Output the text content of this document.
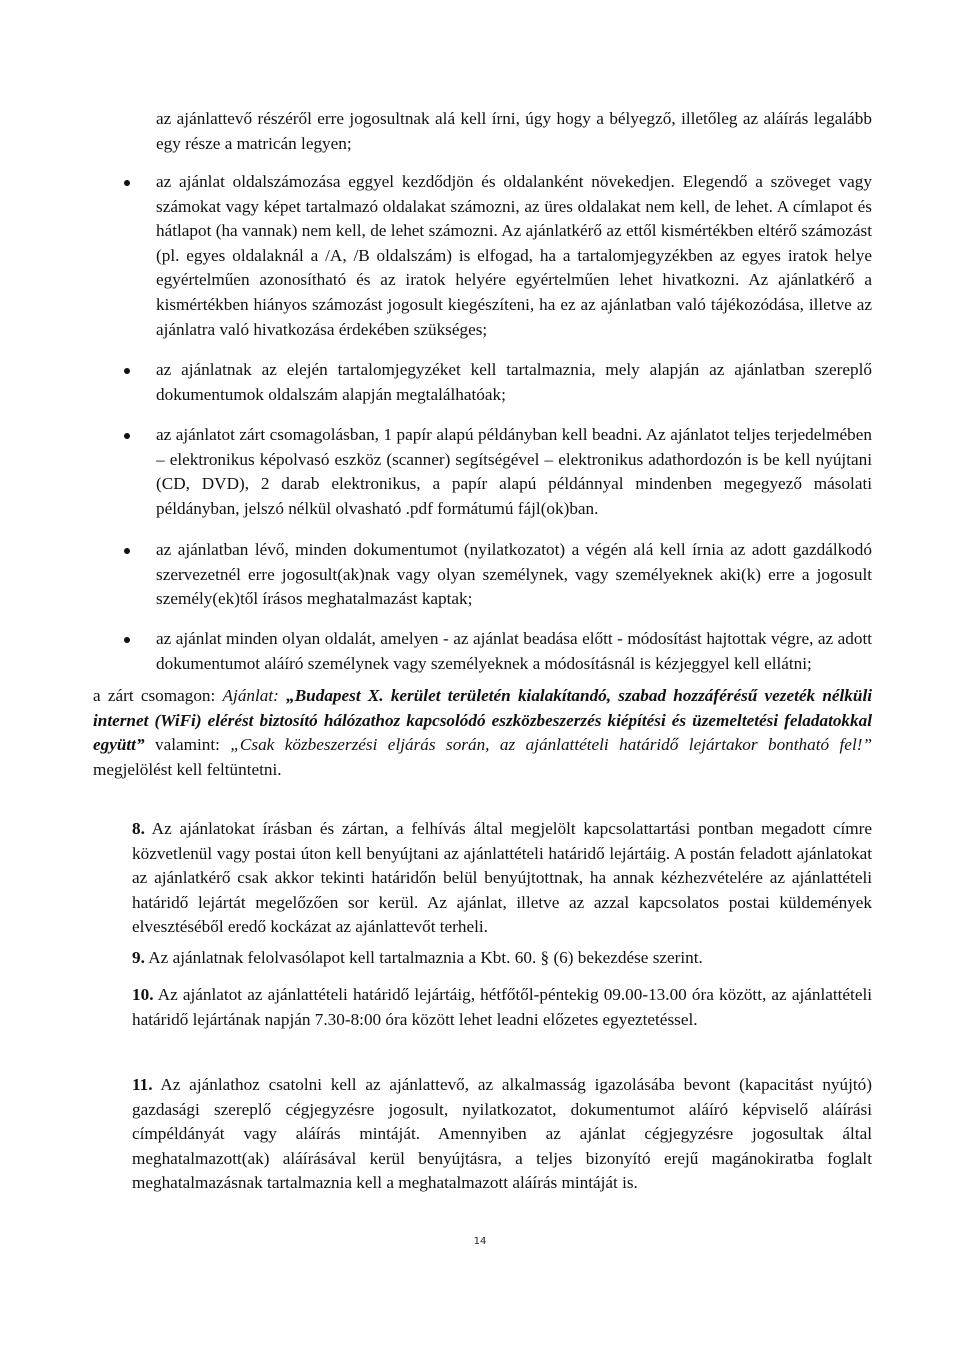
az ajánlattevő részéről erre jogosultnak alá kell írni, úgy hogy a bélyegző, illetőleg az aláírás legalább egy része a matricán legyen;

az ajánlat oldalszámozása eggyel kezdődjön és oldalanként növekedjen. Elegendő a szöveget vagy számokat vagy képet tartalmazó oldalakat számozni, az üres oldalakat nem kell, de lehet. A címlapot és hátlapot (ha vannak) nem kell, de lehet számozni. Az ajánlatkérő az ettől kismértékben eltérő számozást (pl. egyes oldalaknál a /A, /B oldalszám) is elfogad, ha a tartalomjegyzékben az egyes iratok helye egyértelműen azonosítható és az iratok helyére egyértelműen lehet hivatkozni. Az ajánlatkérő a kismértékben hiányos számozást jogosult kiegészíteni, ha ez az ajánlatban való tájékozódása, illetve az ajánlatra való hivatkozása érdekében szükséges;

az ajánlatnak az elején tartalomjegyzéket kell tartalmaznia, mely alapján az ajánlatban szereplő dokumentumok oldalszám alapján megtalálhatóak;

az ajánlatot zárt csomagolásban, 1 papír alapú példányban kell beadni. Az ajánlatot teljes terjedelmében – elektronikus képolvasó eszköz (scanner) segítségével – elektronikus adathordozón is be kell nyújtani (CD, DVD), 2 darab elektronikus, a papír alapú példánnyal mindenben megegyező másolati példányban, jelszó nélkül olvasható .pdf formátumú fájl(ok)ban.

az ajánlatban lévő, minden dokumentumot (nyilatkozatot) a végén alá kell írnia az adott gazdálkodó szervezetnél erre jogosult(ak)nak vagy olyan személynek, vagy személyeknek aki(k) erre a jogosult személy(ek)től írásos meghatalmazást kaptak;

az ajánlat minden olyan oldalát, amelyen - az ajánlat beadása előtt - módosítást hajtottak végre, az adott dokumentumot aláíró személynek vagy személyeknek a módosításnál is kézjeggyel kell ellátni;

a zárt csomagon: Ajánlat: „Budapest X. kerület területén kialakítandó, szabad hozzáférésű vezeték nélküli internet (WiFi) elérést biztosító hálózathoz kapcsolódó eszközbeszerzés kiépítési és üzemeltetési feladatokkal együtt” valamint: „Csak közbeszerzési eljárás során, az ajánlattételi határidő lejártakor bontható fel!” megjelölést kell feltüntetni.

8. Az ajánlatokat írásban és zártan, a felhívás által megjelölt kapcsolattartási pontban megadott címre közvetlenül vagy postai úton kell benyújtani az ajánlattételi határidő lejártáig. A postán feladott ajánlatokat az ajánlatkérő csak akkor tekinti határidőn belül benyújtottnak, ha annak kézhezvételére az ajánlattételi határidő lejártát megelőzően sor kerül. Az ajánlat, illetve az azzal kapcsolatos postai küldemények elvesztéséből eredő kockázat az ajánlattevőt terheli.

9. Az ajánlatnak felolvasólapot kell tartalmaznia a Kbt. 60. § (6) bekezdése szerint.

10. Az ajánlatot az ajánlattételi határidő lejártáig, hétfőtől-péntekig 09.00-13.00 óra között, az ajánlattételi határidő lejártának napján 7.30-8:00 óra között lehet leadni előzetes egyeztetéssel.

11. Az ajánlathoz csatolni kell az ajánlattevő, az alkalmasság igazolásába bevont (kapacitást nyújtó) gazdasági szereplő cégjegyzésre jogosult, nyilatkozatot, dokumentumot aláíró képviselő aláírási címpéldányát vagy aláírás mintáját. Amennyiben az ajánlat cégjegyzésre jogosultak által meghatalmazott(ak) aláírásával kerül benyújtásra, a teljes bizonyító erejű magánokiratba foglalt meghatalmazásnak tartalmaznia kell a meghatalmazott aláírás mintáját is.

14
